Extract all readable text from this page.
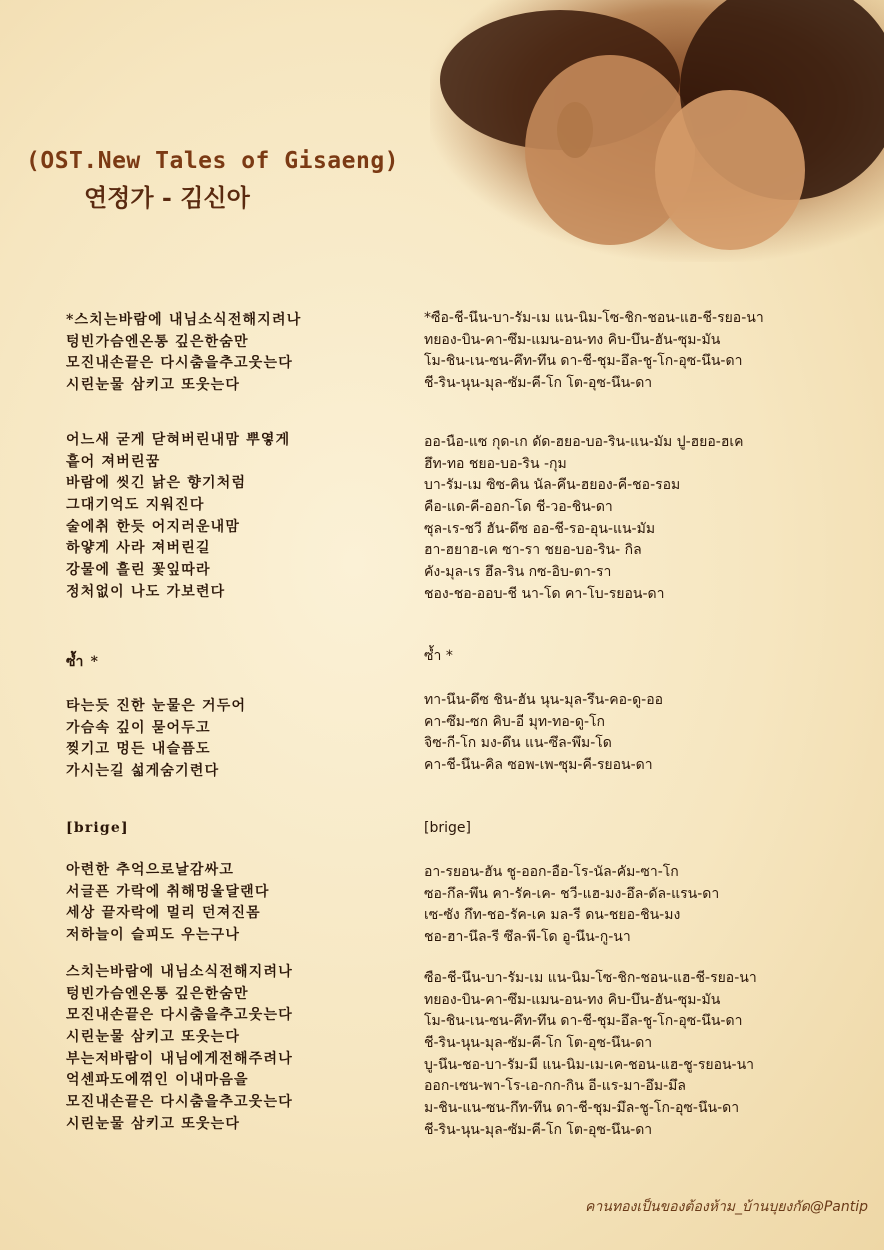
(OST.New Tales of Gisaeng)
연정가 - 김신아
*스치는바람에 내님소식전해지려나
텅빈가슴엔온통 깊은한숨만
모진내손끝은 다시춤을추고웃는다
시린눈물 삼키고 또웃는다
어느새 굳게 닫혀버린내맘 뿌옇게
흩어 져버린꿈
바람에 씻긴 낡은 향기처럼
그대기억도 지워진다
술에취 한듯 어지러운내맘
하얗게 사라 져버린길
강물에 흘린 꽃잎따라
정처없이 나도 가보련다
ซ้ำ *
타는듯 진한 눈물은 거두어
가슴속 깊이 묻어두고
찢기고 멍든 내슬픔도
가시는길 섧게숨기련다
[brige]
아련한 추억으로날감싸고
서글픈 가락에 취해멍울달랜다
세상 끝자락에 멀리 던져진몸
저하늘이 슬피도 우는구나
스치는바람에 내님소식전해지려나
텅빈가슴엔온통 깊은한숨만
모진내손끝은 다시춤을추고웃는다
시린눈물 삼키고 또웃는다
부는저바람이 내님에게전해주려나
억센파도에꺾인 이내마음을
모진내손끝은 다시춤을추고웃는다
시린눈물 삼키고 또웃는다
*ซือ-ชี-นึน-บา-รัม-เม แน-นิม-โซ-ชิก-ชอน-แฮ-ชี-รยอ-นา
ทยอง-บิน-คา-ซึม-แมน-อน-ทง คิบ-บึน-ฮัน-ซุม-มัน
โม-ชิน-เน-ซน-คึท-ทึน ดา-ชี-ชุม-อึล-ชู-โก-อุซ-นึน-ดา
ชี-ริน-นุน-มุล-ซัม-คี-โก โต-อุซ-นึน-ดา
ออ-นือ-แซ กุด-เก ดัด-ฮยอ-บอ-ริน-แน-มัม ปู-ฮยอ-ฮเค
ฮึท-ทอ ชยอ-บอ-ริน -กุม
บา-รัม-เม ซิซ-คิน นัล-คึน-ฮยอง-คี-ชอ-รอม
คือ-แด-คี-ออก-โด ชี-วอ-ชิน-ดา
ซุล-เร-ชวี ฮัน-ดึซ ออ-ชี-รอ-อุน-แน-มัม
ฮา-ฮยาฮ-เค ซา-รา ชยอ-บอ-ริน- กิล
คัง-มุล-เร ฮึล-ริน กซ-อิบ-ตา-รา
ชอง-ชอ-ออบ-ชี นา-โด คา-โบ-รยอน-ดา
ซ้ำ *
ทา-นึน-ดึซ ชิน-ฮัน นุน-มุล-รึน-คอ-ดู-ออ
คา-ซึม-ซก คิบ-อี มุท-ทอ-ดู-โก
จิซ-กี-โก มง-ดึน แน-ซึล-พึม-โด
คา-ชี-นึน-คิล ซอพ-เพ-ซุม-คี-รยอน-ดา
[brige]
อา-รยอน-ฮัน ชู-ออก-อือ-โร-นัล-คัม-ซา-โก
ซอ-กึล-พึน คา-รัค-เค- ชวี-แฮ-มง-อึล-ดัล-แรน-ดา
เซ-ซัง กึท-ชอ-รัค-เค มล-รี ดน-ชยอ-ชิน-มง
ชอ-ฮา-นึล-รี ซึล-พี-โด อู-นึน-กู-นา
ซือ-ชี-นึน-บา-รัม-เม แน-นิม-โซ-ชิก-ชอน-แฮ-ชี-รยอ-นา
ทยอง-บิน-คา-ซึม-แมน-อน-ทง คิบ-บึน-ฮัน-ซุม-มัน
โม-ชิน-เน-ซน-คึท-ทึน ดา-ชี-ชุม-อึล-ชู-โก-อุซ-นึน-ดา
ชี-ริน-นุน-มุล-ซัม-คี-โก โต-อุซ-นึน-ดา
บู-นึน-ชอ-บา-รัม-มี แน-นิม-เม-เค-ชอน-แฮ-ชู-รยอน-นา
ออก-เซน-พา-โร-เอ-กก-กิน อี-แร-มา-อึม-มึล
ม-ชิน-แน-ซน-กึท-ทึน ดา-ชี-ชุม-มึล-ชู-โก-อุซ-นึน-ดา
ชี-ริน-นุน-มุล-ซัม-คี-โก โต-อุซ-นึน-ดา
คานทองเป็นของต้องห้าม_บ้านบุยงกัด@Pantip
